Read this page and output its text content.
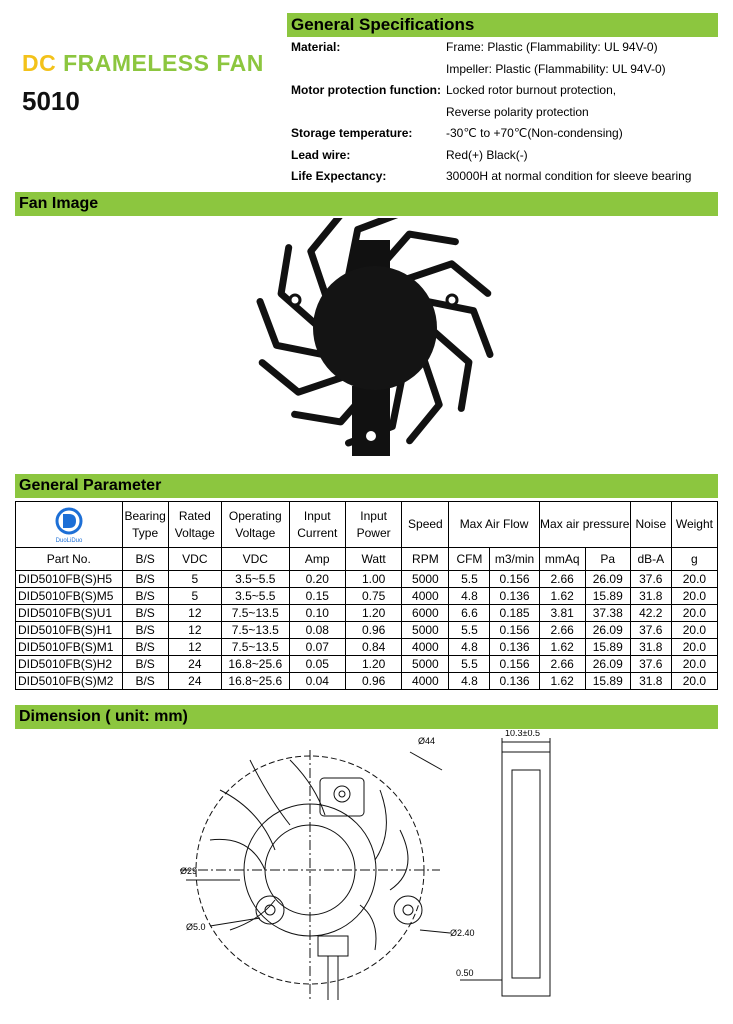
DC FRAMELESS FAN
5010
General Specifications
Material:	Frame: Plastic (Flammability: UL 94V-0)
Impeller: Plastic (Flammability: UL 94V-0)
Motor protection function: Locked rotor burnout protection,
Reverse polarity protection
Storage temperature:	-30℃ to +70℃(Non-condensing)
Lead wire:	Red(+) Black(-)
Life Expectancy:	30000H at normal condition for sleeve bearing
Fan Image
General Parameter
DuoLiDuo	Bearing Type	Rated Voltage	Operating Voltage	Input Current	Input Power	Speed	Max Air Flow		Max air pressure		Noise	Weight
Part No.	B/S	VDC	VDC	Amp	Watt	RPM	CFM	m3/min	mmAq	Pa	dB-A	g
DID5010FB(S)H5	B/S	5	3.5~5.5	0.20	1.00	5000	5.5	0.156	2.66	26.09	37.6	20.0
DID5010FB(S)M5	B/S	5	3.5~5.5	0.15	0.75	4000	4.8	0.136	1.62	15.89	31.8	20.0
DID5010FB(S)U1	B/S	12	7.5~13.5	0.10	1.20	6000	6.6	0.185	3.81	37.38	42.2	20.0
DID5010FB(S)H1	B/S	12	7.5~13.5	0.08	0.96	5000	5.5	0.156	2.66	26.09	37.6	20.0
DID5010FB(S)M1	B/S	12	7.5~13.5	0.07	0.84	4000	4.8	0.136	1.62	15.89	31.8	20.0
DID5010FB(S)H2	B/S	24	16.8~25.6	0.05	1.20	5000	5.5	0.156	2.66	26.09	37.6	20.0
DID5010FB(S)M2	B/S	24	16.8~25.6	0.04	0.96	4000	4.8	0.136	1.62	15.89	31.8	20.0
Dimension ( unit: mm)
Ø44
10.3±0.5
Ø29
Ø5.0
Ø2.40
0.50
